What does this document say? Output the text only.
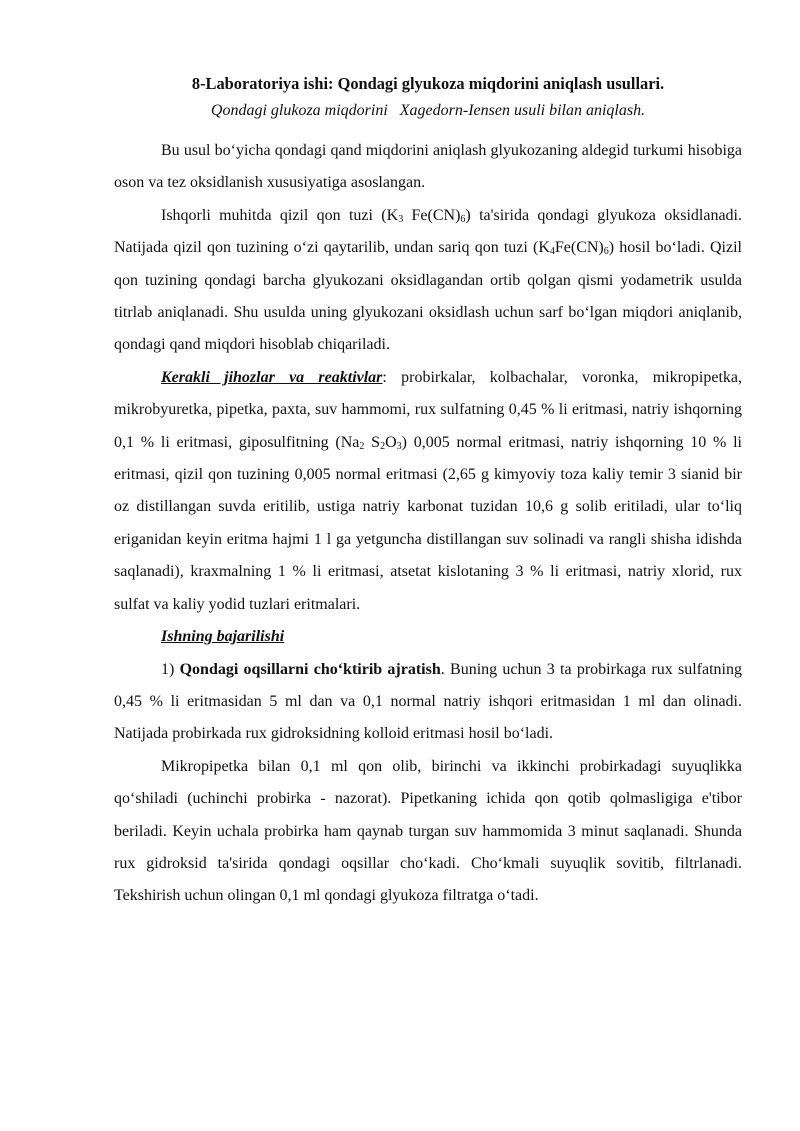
8-Laboratoriya ishi: Qondagi glyukoza miqdorini aniqlash usullari.
Qondagi glukoza miqdorini   Xagedorn-Iensen usuli bilan aniqlash.

Bu usul bo‘yicha qondagi qand miqdorini aniqlash glyukozaning aldegid turkumi hisobiga oson va tez oksidlanish xususiyatiga asoslangan.

Ishqorli muhitda qizil qon tuzi ($K_3$ $Fe(CN)_6$) ta'sirida qondagi glyukoza oksidlanadi. Natijada qizil qon tuzining o‘zi qaytarilib, undan sariq qon tuzi $(K_4Fe(CN)_6)$ hosil bo‘ladi. Qizil qon tuzining qondagi barcha glyukozani oksidlagandan ortib qolgan qismi yodametrik usulda titrlab aniqlanadi. Shu usulda uning glyukozani oksidlash uchun sarf bo‘lgan miqdori aniqlanib, qondagi qand miqdori hisoblab chiqariladi.

Kerakli jihozlar va reaktivlar: probirkalar, kolbachalar, voronka, mikropipetka, mikrobyuretka, pipetka, paxta, suv hammomi, rux sulfatning 0,45 % li eritmasi, natriy ishqorning 0,1 % li eritmasi, giposulfitning ($Na_2$ $S_2O_3$) 0,005 normal eritmasi, natriy ishqorning 10 % li eritmasi, qizil qon tuzining 0,005 normal eritmasi (2,65 g kimyoviy toza kaliy temir 3 sianid bir oz distillangan suvda eritilib, ustiga natriy karbonat tuzidan 10,6 g solib eritiladi, ular to‘liq eriganidan keyin eritma hajmi 1 l ga yetguncha distillangan suv solinadi va rangli shisha idishda saqlanadi), kraxmalning 1 % li eritmasi, atsetat kislotaning 3 % li eritmasi, natriy xlorid, rux sulfat va kaliy yodid tuzlari eritmalari.

Ishning bajarilishi

1) Qondagi oqsillarni cho‘ktirib ajratish. Buning uchun 3 ta probirkaga rux sulfatning 0,45 % li eritmasidan 5 ml dan va 0,1 normal natriy ishqori eritmasidan 1 ml dan olinadi. Natijada probirkada rux gidroksidning kolloid eritmasi hosil bo‘ladi.

Mikropipetka bilan 0,1 ml qon olib, birinchi va ikkinchi probirkadagi suyuqlikka qo‘shiladi (uchinchi probirka - nazorat). Pipetkaning ichida qon qotib qolmasligiga e'tibor beriladi. Keyin uchala probirka ham qaynab turgan suv hammomida 3 minut saqlanadi. Shunda rux gidroksid ta'sirida qondagi oqsillar cho‘kadi. Cho‘kmali suyuqlik sovitib, filtrlanadi. Tekshirish uchun olingan 0,1 ml qondagi glyukoza filtratga o‘tadi.
